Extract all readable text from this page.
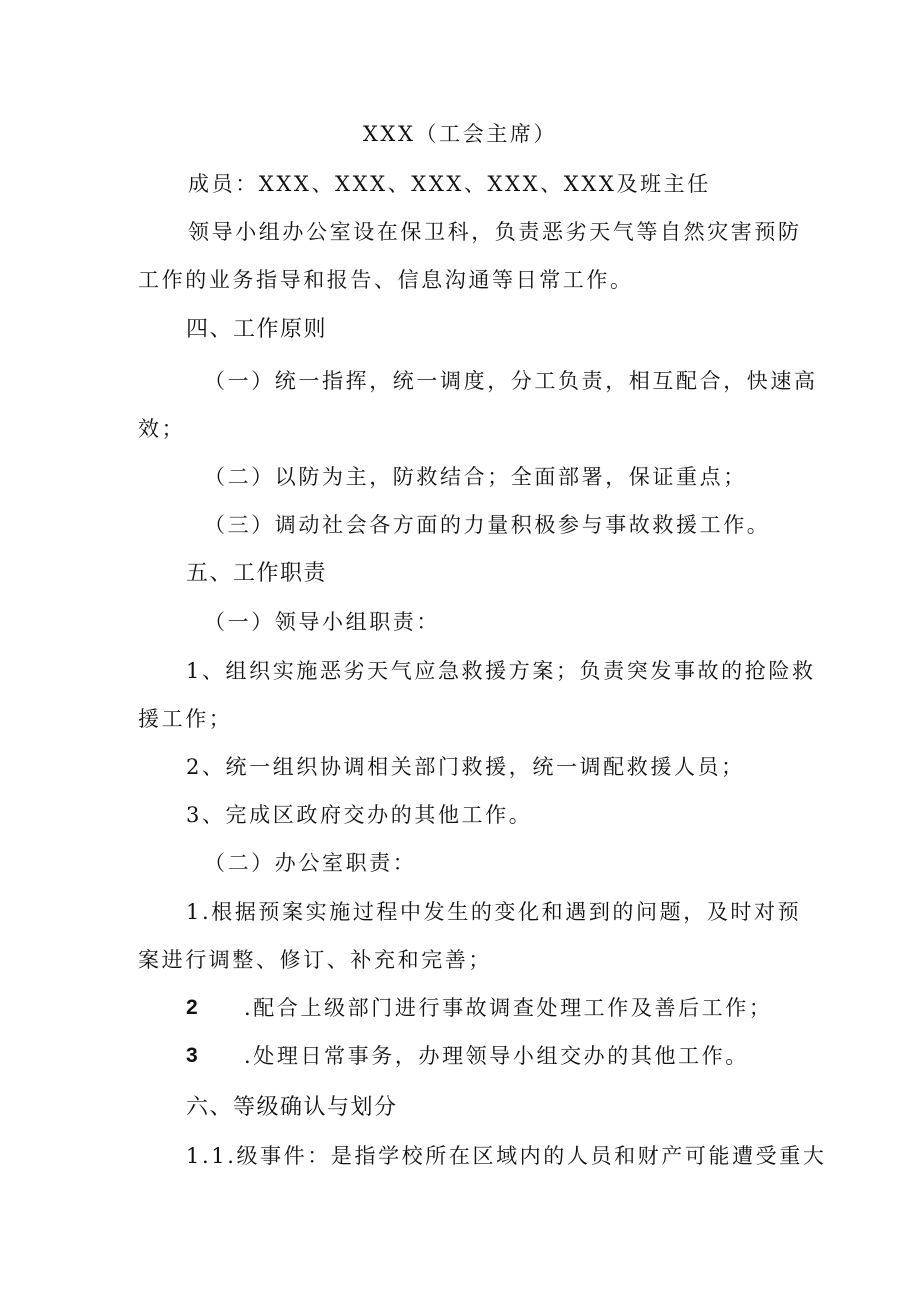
XXX（工会主席）
成员：XXX、XXX、XXX、XXX、XXX及班主任
领导小组办公室设在保卫科，负责恶劣天气等自然灾害预防
工作的业务指导和报告、信息沟通等日常工作。
四、工作原则
（一）统一指挥，统一调度，分工负责，相互配合，快速高
效；
（二）以防为主，防救结合；全面部署，保证重点；
（三）调动社会各方面的力量积极参与事故救援工作。
五、工作职责
（一）领导小组职责：
1、组织实施恶劣天气应急救援方案；负责突发事故的抢险救
援工作；
2、统一组织协调相关部门救援，统一调配救援人员；
3、完成区政府交办的其他工作。
（二）办公室职责：
1.根据预案实施过程中发生的变化和遇到的问题，及时对预
案进行调整、修订、补充和完善；
2 .配合上级部门进行事故调查处理工作及善后工作；
3 .处理日常事务，办理领导小组交办的其他工作。
六、等级确认与划分
1.1.级事件：是指学校所在区域内的人员和财产可能遭受重大
